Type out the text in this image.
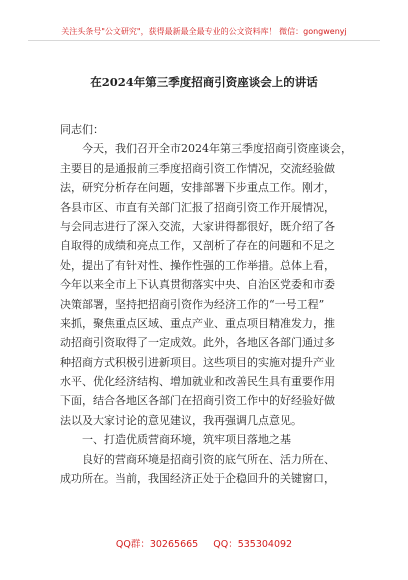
关注头条号"公文研究"，获得最新最全最专业的公文资料库！ 微信：gongwenyj
在2024年第三季度招商引资座谈会上的讲话
同志们：
　　今天，我们召开全市2024年第三季度招商引资座谈会，
主要目的是通报前三季度招商引资工作情况，交流经验做
法，研究分析存在问题，安排部署下步重点工作。刚才，
各县市区、市直有关部门汇报了招商引资工作开展情况，
与会同志进行了深入交流，大家讲得都很好，既介绍了各
自取得的成绩和亮点工作，又剖析了存在的问题和不足之
处，提出了有针对性、操作性强的工作举措。总体上看，
今年以来全市上下认真贯彻落实中央、自治区党委和市委
决策部署，坚持把招商引资作为经济工作的“一号工程”
来抓，聚焦重点区域、重点产业、重点项目精准发力，推
动招商引资取得了一定成效。此外，各地区各部门通过多
种招商方式积极引进新项目。这些项目的实施对提升产业
水平、优化经济结构、增加就业和改善民生具有重要作用
下面，结合各地区各部门在招商引资工作中的好经验好做
法以及大家讨论的意见建议，我再强调几点意见。
　　一、打造优质营商环境，筑牢项目落地之基
　　良好的营商环境是招商引资的底气所在、活力所在、
成功所在。当前，我国经济正处于企稳回升的关键窗口，
QQ群：30265665 QQ：535304092
